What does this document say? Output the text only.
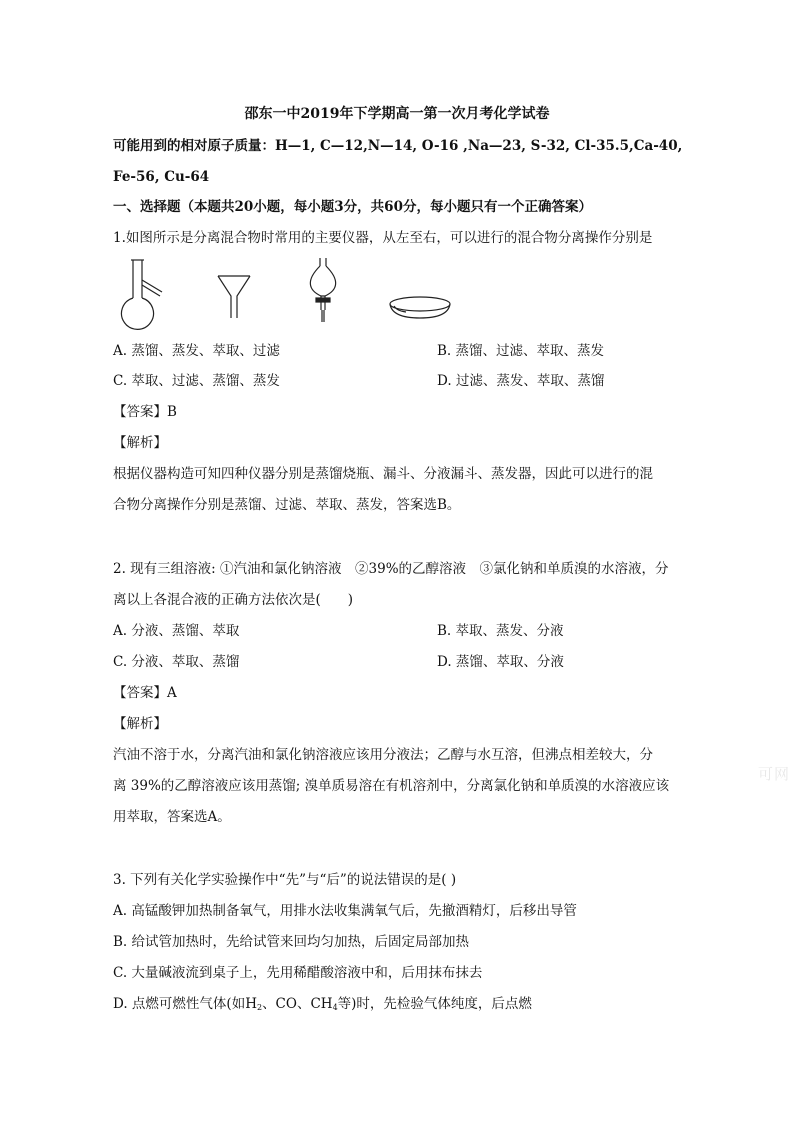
邵东一中2019年下学期高一第一次月考化学试卷
可能用到的相对原子质量：H—1, C—12,N—14, O-16 ,Na—23, S-32, Cl-35.5,Ca-40,
Fe-56, Cu-64
一、选择题（本题共20小题，每小题3分，共60分，每小题只有一个正确答案）
1.如图所示是分离混合物时常用的主要仪器，从左至右，可以进行的混合物分离操作分别是
A. 蒸馏、蒸发、萃取、过滤	B. 蒸馏、过滤、萃取、蒸发
C. 萃取、过滤、蒸馏、蒸发	D. 过滤、蒸发、萃取、蒸馏
【答案】B
【解析】
根据仪器构造可知四种仪器分别是蒸馏烧瓶、漏斗、分液漏斗、蒸发器，因此可以进行的混
合物分离操作分别是蒸馏、过滤、萃取、蒸发，答案选B。
2. 现有三组溶液: ①汽油和氯化钠溶液　②39%的乙醇溶液　③氯化钠和单质溴的水溶液，分
离以上各混合液的正确方法依次是(　　)
A. 分液、蒸馏、萃取	B. 萃取、蒸发、分液
C. 分液、萃取、蒸馏	D. 蒸馏、萃取、分液
【答案】A
【解析】
汽油不溶于水，分离汽油和氯化钠溶液应该用分液法；乙醇与水互溶，但沸点相差较大，分
离 39%的乙醇溶液应该用蒸馏; 溴单质易溶在有机溶剂中，分离氯化钠和单质溴的水溶液应该
用萃取，答案选A。
3. 下列有关化学实验操作中“先”与“后”的说法错误的是( )
A. 高锰酸钾加热制备氧气，用排水法收集满氧气后，先撤酒精灯，后移出导管
B. 给试管加热时，先给试管来回均匀加热，后固定局部加热
C. 大量碱液流到桌子上，先用稀醋酸溶液中和，后用抹布抹去
D. 点燃可燃性气体(如$H_2$、CO、$CH_4$等)时，先检验气体纯度，后点燃
可网
